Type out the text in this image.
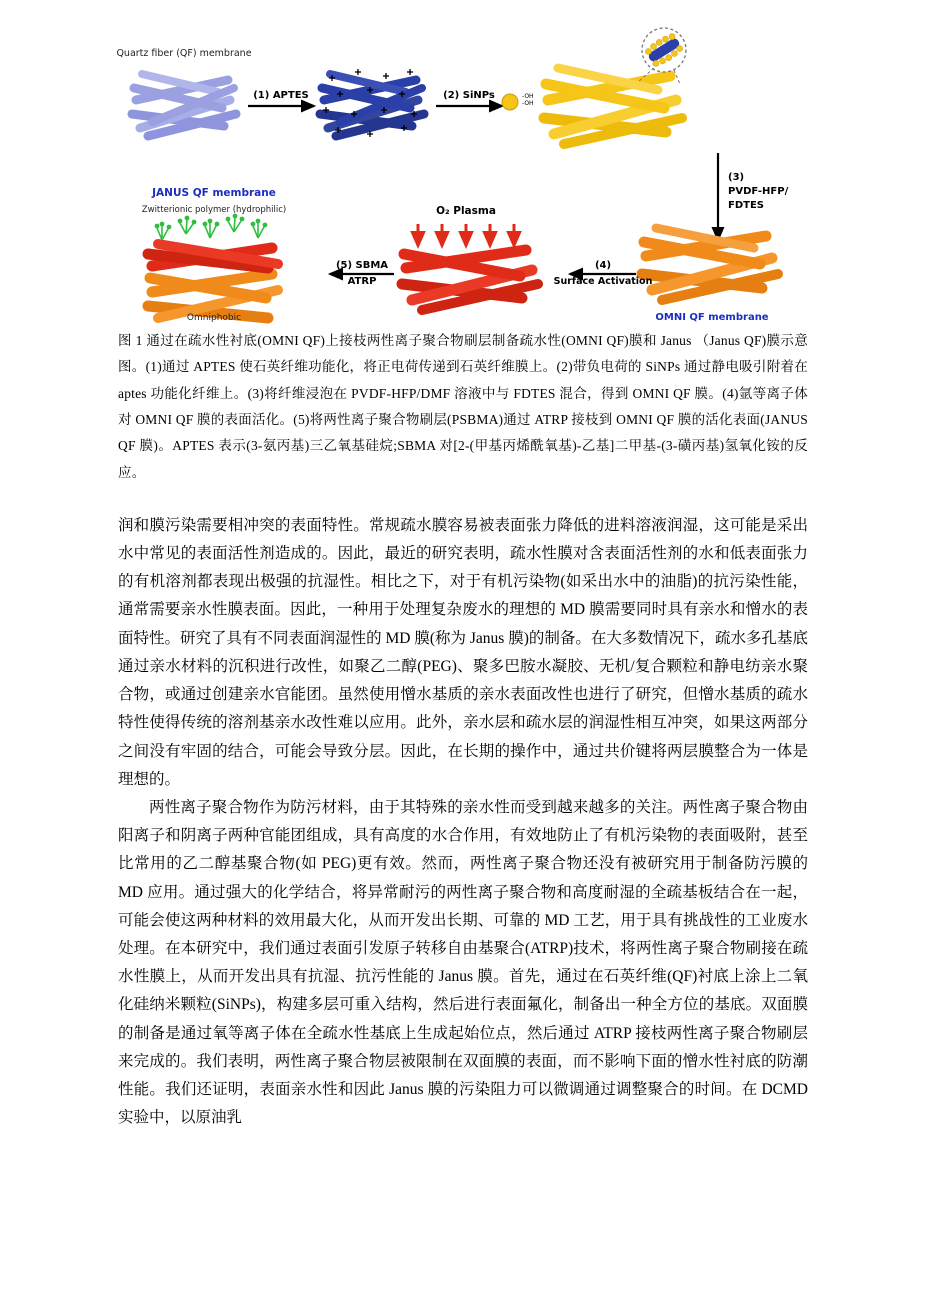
Quartz fiber (QF) membrane
(1) APTES	(2) SiNPs	-OH
-OH
(3)
PVDF-HFP/
FDTES
OMNI QF membrane
(4)
Surface Activation
O₂ Plasma
(5) SBMA
ATRP
JANUS QF membrane
Zwitterionic polymer (hydrophilic)
Omniphobic
图 1 通过在疏水性衬底(OMNI QF)上接枝两性离子聚合物刷层制备疏水性(OMNI QF)膜和 Janus （Janus QF)膜示意图。(1)通过 APTES 使石英纤维功能化，将正电荷传递到石英纤维膜上。(2)带负电荷的 SiNPs 通过静电吸引附着在 aptes 功能化纤维上。(3)将纤维浸泡在 PVDF-HFP/DMF 溶液中与 FDTES 混合，得到 OMNI QF 膜。(4)氩等离子体对 OMNI QF 膜的表面活化。(5)将两性离子聚合物刷层(PSBMA)通过 ATRP 接枝到 OMNI QF 膜的活化表面(JANUS QF 膜)。APTES 表示(3-氨丙基)三乙氧基硅烷;SBMA 对[2-(甲基丙烯酰氧基)-乙基]二甲基-(3-磺丙基)氢氧化铵的反应。

润和膜污染需要相冲突的表面特性。常规疏水膜容易被表面张力降低的进料溶液润湿，这可能是采出水中常见的表面活性剂造成的。因此，最近的研究表明，疏水性膜对含表面活性剂的水和低表面张力的有机溶剂都表现出极强的抗湿性。相比之下，对于有机污染物(如采出水中的油脂)的抗污染性能，通常需要亲水性膜表面。因此，一种用于处理复杂废水的理想的 MD 膜需要同时具有亲水和憎水的表面特性。研究了具有不同表面润湿性的 MD 膜(称为 Janus 膜)的制备。在大多数情况下，疏水多孔基底通过亲水材料的沉积进行改性，如聚乙二醇(PEG)、聚多巴胺水凝胶、无机/复合颗粒和静电纺亲水聚合物，或通过创建亲水官能团。虽然使用憎水基质的亲水表面改性也进行了研究，但憎水基质的疏水特性使得传统的溶剂基亲水改性难以应用。此外，亲水层和疏水层的润湿性相互冲突，如果这两部分之间没有牢固的结合，可能会导致分层。因此，在长期的操作中，通过共价键将两层膜整合为一体是理想的。

两性离子聚合物作为防污材料，由于其特殊的亲水性而受到越来越多的关注。两性离子聚合物由阳离子和阴离子两种官能团组成，具有高度的水合作用，有效地防止了有机污染物的表面吸附，甚至比常用的乙二醇基聚合物(如 PEG)更有效。然而，两性离子聚合物还没有被研究用于制备防污膜的 MD 应用。通过强大的化学结合，将异常耐污的两性离子聚合物和高度耐湿的全疏基板结合在一起，可能会使这两种材料的效用最大化，从而开发出长期、可靠的 MD 工艺，用于具有挑战性的工业废水处理。在本研究中，我们通过表面引发原子转移自由基聚合(ATRP)技术，将两性离子聚合物刷接在疏水性膜上，从而开发出具有抗湿、抗污性能的 Janus 膜。首先，通过在石英纤维(QF)衬底上涂上二氧化硅纳米颗粒(SiNPs)，构建多层可重入结构，然后进行表面氟化，制备出一种全方位的基底。双面膜的制备是通过氧等离子体在全疏水性基底上生成起始位点，然后通过 ATRP 接枝两性离子聚合物刷层来完成的。我们表明，两性离子聚合物层被限制在双面膜的表面，而不影响下面的憎水性衬底的防潮性能。我们还证明，表面亲水性和因此 Janus 膜的污染阻力可以微调通过调整聚合的时间。在 DCMD 实验中，以原油乳
